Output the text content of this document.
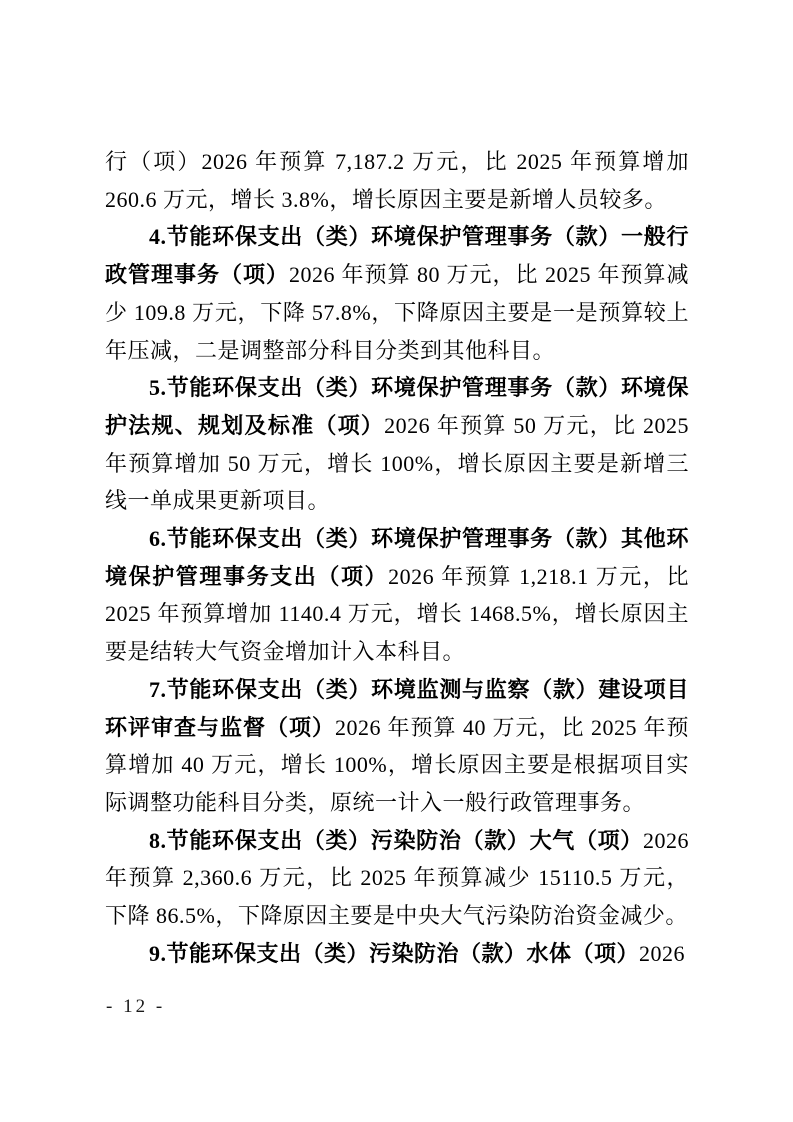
行（项）2026 年预算 7,187.2 万元，比 2025 年预算增加 260.6 万元，增长 3.8%，增长原因主要是新增人员较多。

4.节能环保支出（类）环境保护管理事务（款）一般行政管理事务（项）2026 年预算 80 万元，比 2025 年预算减少 109.8 万元，下降 57.8%，下降原因主要是一是预算较上年压减，二是调整部分科目分类到其他科目。

5.节能环保支出（类）环境保护管理事务（款）环境保护法规、规划及标准（项）2026 年预算 50 万元，比 2025 年预算增加 50 万元，增长 100%，增长原因主要是新增三线一单成果更新项目。

6.节能环保支出（类）环境保护管理事务（款）其他环境保护管理事务支出（项）2026 年预算 1,218.1 万元，比 2025 年预算增加 1140.4 万元，增长 1468.5%，增长原因主要是结转大气资金增加计入本科目。

7.节能环保支出（类）环境监测与监察（款）建设项目环评审查与监督（项）2026 年预算 40 万元，比 2025 年预算增加 40 万元，增长 100%，增长原因主要是根据项目实际调整功能科目分类，原统一计入一般行政管理事务。

8.节能环保支出（类）污染防治（款）大气（项）2026 年预算 2,360.6 万元，比 2025 年预算减少 15110.5 万元，下降 86.5%，下降原因主要是中央大气污染防治资金减少。

9.节能环保支出（类）污染防治（款）水体（项）2026

- 12 -
